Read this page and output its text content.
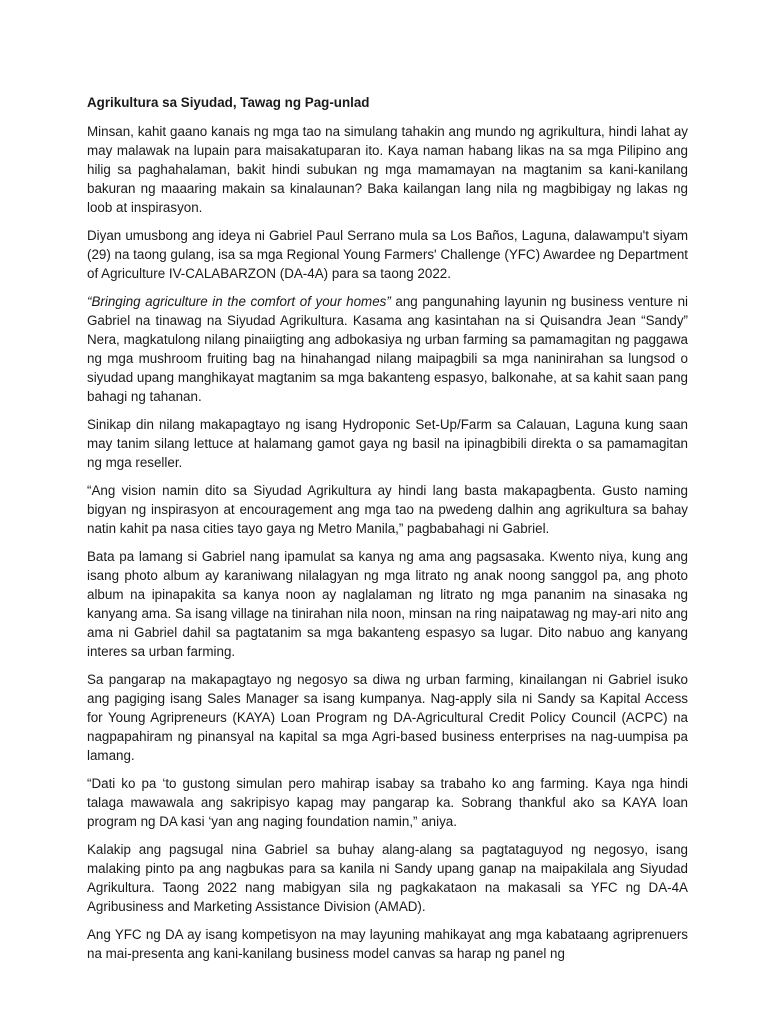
Agrikultura sa Siyudad, Tawag ng Pag-unlad

Minsan, kahit gaano kanais ng mga tao na simulang tahakin ang mundo ng agrikultura, hindi lahat ay may malawak na lupain para maisakatuparan ito. Kaya naman habang likas na sa mga Pilipino ang hilig sa paghahalaman, bakit hindi subukan ng mga mamamayan na magtanim sa kani-kanilang bakuran ng maaaring makain sa kinalaunan? Baka kailangan lang nila ng magbibigay ng lakas ng loob at inspirasyon.

Diyan umusbong ang ideya ni Gabriel Paul Serrano mula sa Los Baños, Laguna, dalawampu't siyam (29) na taong gulang, isa sa mga Regional Young Farmers' Challenge (YFC) Awardee ng Department of Agriculture IV-CALABARZON (DA-4A) para sa taong 2022.

“Bringing agriculture in the comfort of your homes” ang pangunahing layunin ng business venture ni Gabriel na tinawag na Siyudad Agrikultura. Kasama ang kasintahan na si Quisandra Jean “Sandy” Nera, magkatulong nilang pinaiigting ang adbokasiya ng urban farming sa pamamagitan ng paggawa ng mga mushroom fruiting bag na hinahangad nilang maipagbili sa mga naninirahan sa lungsod o siyudad upang manghikayat magtanim sa mga bakanteng espasyo, balkonahe, at sa kahit saan pang bahagi ng tahanan.

Sinikap din nilang makapagtayo ng isang Hydroponic Set-Up/Farm sa Calauan, Laguna kung saan may tanim silang lettuce at halamang gamot gaya ng basil na ipinagbibili direkta o sa pamamagitan ng mga reseller.

“Ang vision namin dito sa Siyudad Agrikultura ay hindi lang basta makapagbenta. Gusto naming bigyan ng inspirasyon at encouragement ang mga tao na pwedeng dalhin ang agrikultura sa bahay natin kahit pa nasa cities tayo gaya ng Metro Manila,” pagbabahagi ni Gabriel.

Bata pa lamang si Gabriel nang ipamulat sa kanya ng ama ang pagsasaka. Kwento niya, kung ang isang photo album ay karaniwang nilalagyan ng mga litrato ng anak noong sanggol pa, ang photo album na ipinapakita sa kanya noon ay naglalaman ng litrato ng mga pananim na sinasaka ng kanyang ama. Sa isang village na tinirahan nila noon, minsan na ring naipatawag ng may-ari nito ang ama ni Gabriel dahil sa pagtatanim sa mga bakanteng espasyo sa lugar. Dito nabuo ang kanyang interes sa urban farming.

Sa pangarap na makapagtayo ng negosyo sa diwa ng urban farming, kinailangan ni Gabriel isuko ang pagiging isang Sales Manager sa isang kumpanya. Nag-apply sila ni Sandy sa Kapital Access for Young Agripreneurs (KAYA) Loan Program ng DA-Agricultural Credit Policy Council (ACPC) na nagpapahiram ng pinansyal na kapital sa mga Agri-based business enterprises na nag-uumpisa pa lamang.

“Dati ko pa ‘to gustong simulan pero mahirap isabay sa trabaho ko ang farming. Kaya nga hindi talaga mawawala ang sakripisyo kapag may pangarap ka. Sobrang thankful ako sa KAYA loan program ng DA kasi ‘yan ang naging foundation namin,” aniya.

Kalakip ang pagsugal nina Gabriel sa buhay alang-alang sa pagtataguyod ng negosyo, isang malaking pinto pa ang nagbukas para sa kanila ni Sandy upang ganap na maipakilala ang Siyudad Agrikultura. Taong 2022 nang mabigyan sila ng pagkakataon na makasali sa YFC ng DA-4A Agribusiness and Marketing Assistance Division (AMAD).

Ang YFC ng DA ay isang kompetisyon na may layuning mahikayat ang mga kabataang agriprenuers na mai-presenta ang kani-kanilang business model canvas sa harap ng panel ng
